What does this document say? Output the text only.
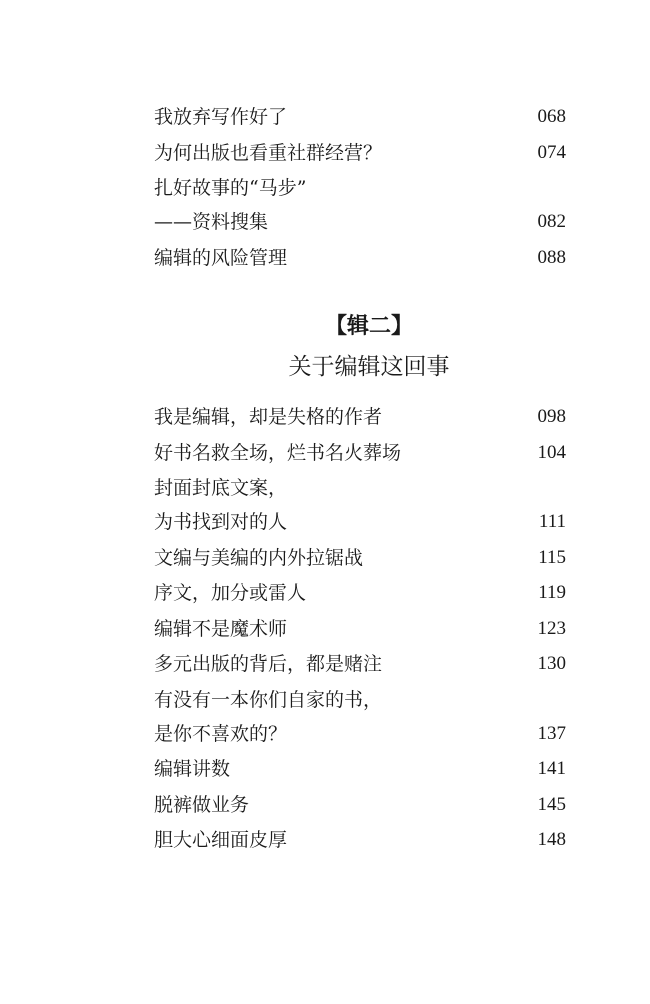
我放弃写作好了	068
为何出版也看重社群经营？	074
扎好故事的“马步”
——资料搜集	082
编辑的风险管理	088
【辑二】
关于编辑这回事
我是编辑，却是失格的作者	098
好书名救全场，烂书名火葬场	104
封面封底文案，
为书找到对的人	111
文编与美编的内外拉锯战	115
序文，加分或雷人	119
编辑不是魔术师	123
多元出版的背后，都是赌注	130
有没有一本你们自家的书，
是你不喜欢的？	137
编辑讲数	141
脱裤做业务	145
胆大心细面皮厚	148
